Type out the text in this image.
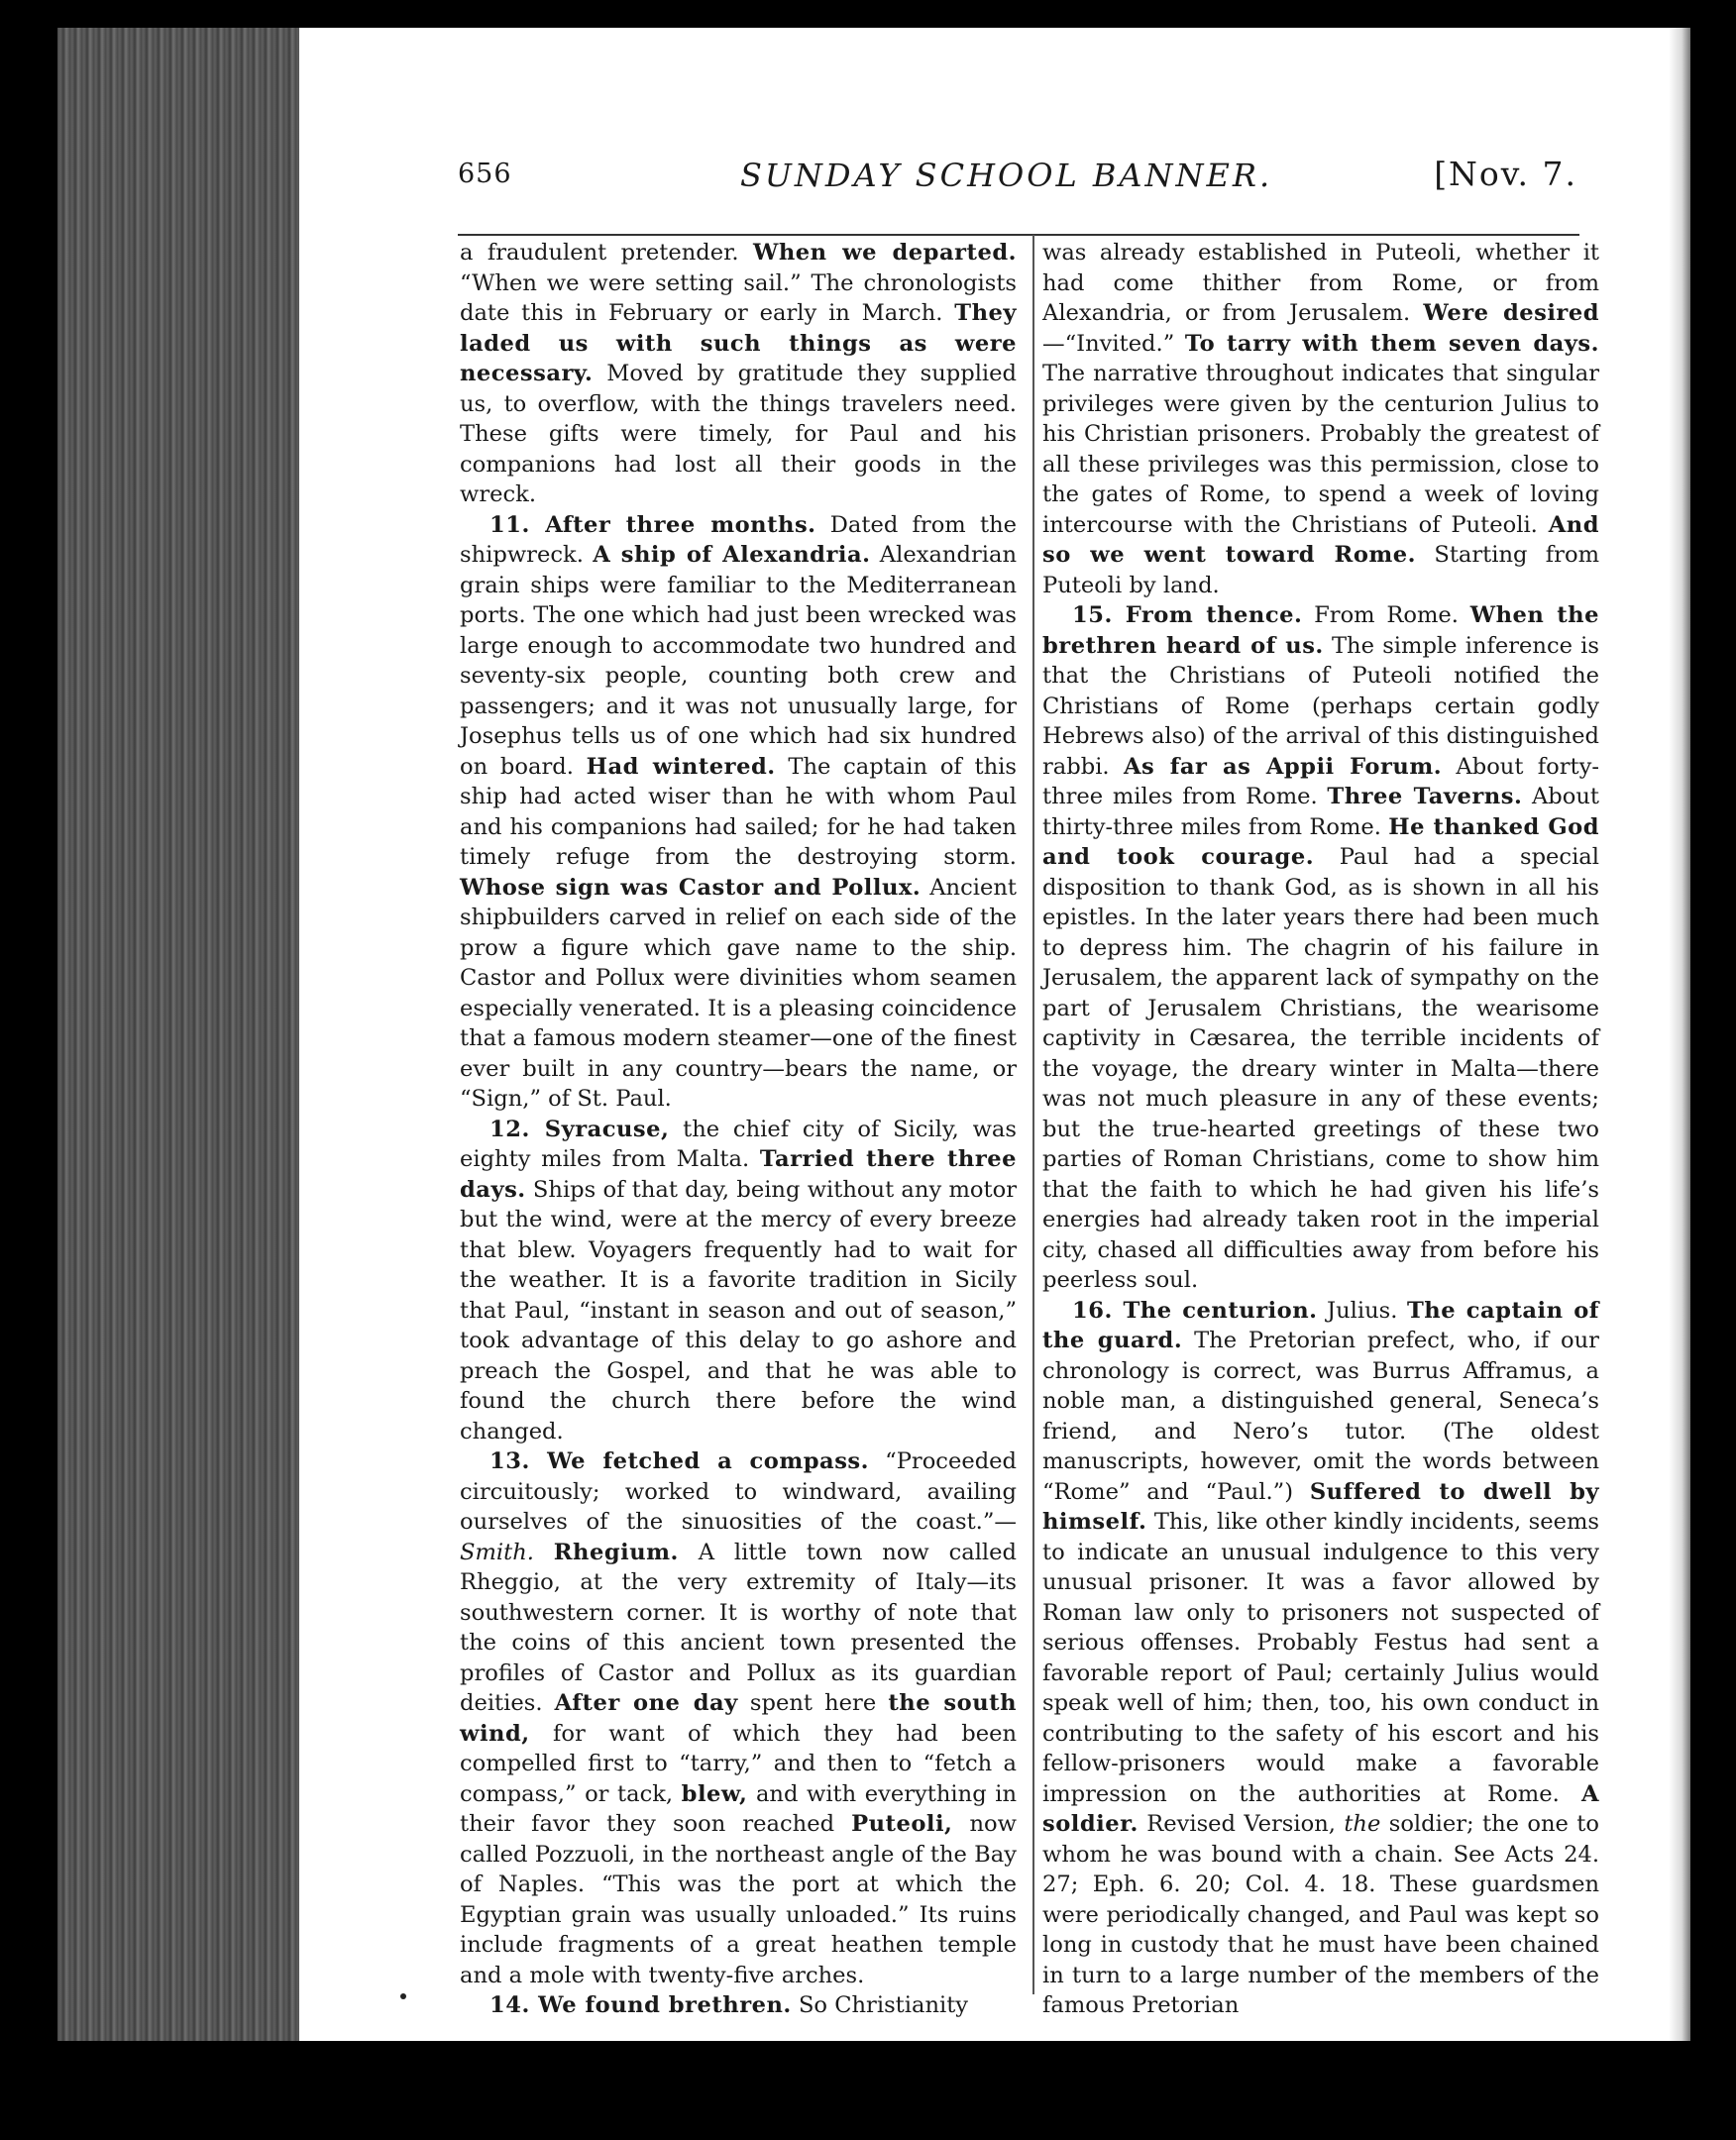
656	SUNDAY SCHOOL BANNER.	[Nov. 7.

a fraudulent pretender. When we departed. “When we were setting sail.” The chronologists date this in February or early in March. They laded us with such things as were necessary. Moved by gratitude they supplied us, to overflow, with the things travelers need. These gifts were timely, for Paul and his companions had lost all their goods in the wreck.

11. After three months. Dated from the shipwreck. A ship of Alexandria. Alexandrian grain ships were familiar to the Mediterranean ports. The one which had just been wrecked was large enough to accommodate two hundred and seventy-six people, counting both crew and passengers; and it was not unusually large, for Josephus tells us of one which had six hundred on board. Had wintered. The captain of this ship had acted wiser than he with whom Paul and his companions had sailed; for he had taken timely refuge from the destroying storm. Whose sign was Castor and Pollux. Ancient shipbuilders carved in relief on each side of the prow a figure which gave name to the ship. Castor and Pollux were divinities whom seamen especially venerated. It is a pleasing coincidence that a famous modern steamer—one of the finest ever built in any country—bears the name, or “Sign,” of St. Paul.

12. Syracuse, the chief city of Sicily, was eighty miles from Malta. Tarried there three days. Ships of that day, being without any motor but the wind, were at the mercy of every breeze that blew. Voyagers frequently had to wait for the weather. It is a favorite tradition in Sicily that Paul, “instant in season and out of season,” took advantage of this delay to go ashore and preach the Gospel, and that he was able to found the church there before the wind changed.

13. We fetched a compass. “Proceeded circuitously; worked to windward, availing ourselves of the sinuosities of the coast.”—Smith. Rhegium. A little town now called Rheggio, at the very extremity of Italy—its southwestern corner. It is worthy of note that the coins of this ancient town presented the profiles of Castor and Pollux as its guardian deities. After one day spent here the south wind, for want of which they had been compelled first to “tarry,” and then to “fetch a compass,” or tack, blew, and with everything in their favor they soon reached Puteoli, now called Pozzuoli, in the northeast angle of the Bay of Naples. “This was the port at which the Egyptian grain was usually unloaded.” Its ruins include fragments of a great heathen temple and a mole with twenty-five arches.

14. We found brethren. So Christianity

was already established in Puteoli, whether it had come thither from Rome, or from Alexandria, or from Jerusalem. Were desired—“Invited.” To tarry with them seven days. The narrative throughout indicates that singular privileges were given by the centurion Julius to his Christian prisoners. Probably the greatest of all these privileges was this permission, close to the gates of Rome, to spend a week of loving intercourse with the Christians of Puteoli. And so we went toward Rome. Starting from Puteoli by land.

15. From thence. From Rome. When the brethren heard of us. The simple inference is that the Christians of Puteoli notified the Christians of Rome (perhaps certain godly Hebrews also) of the arrival of this distinguished rabbi. As far as Appii Forum. About forty-three miles from Rome. Three Taverns. About thirty-three miles from Rome. He thanked God and took courage. Paul had a special disposition to thank God, as is shown in all his epistles. In the later years there had been much to depress him. The chagrin of his failure in Jerusalem, the apparent lack of sympathy on the part of Jerusalem Christians, the wearisome captivity in Cæsarea, the terrible incidents of the voyage, the dreary winter in Malta—there was not much pleasure in any of these events; but the true-hearted greetings of these two parties of Roman Christians, come to show him that the faith to which he had given his life’s energies had already taken root in the imperial city, chased all difficulties away from before his peerless soul.

16. The centurion. Julius. The captain of the guard. The Pretorian prefect, who, if our chronology is correct, was Burrus Afframus, a noble man, a distinguished general, Seneca’s friend, and Nero’s tutor. (The oldest manuscripts, however, omit the words between “Rome” and “Paul.”) Suffered to dwell by himself. This, like other kindly incidents, seems to indicate an unusual indulgence to this very unusual prisoner. It was a favor allowed by Roman law only to prisoners not suspected of serious offenses. Probably Festus had sent a favorable report of Paul; certainly Julius would speak well of him; then, too, his own conduct in contributing to the safety of his escort and his fellow-prisoners would make a favorable impression on the authorities at Rome. A soldier. Revised Version, the soldier; the one to whom he was bound with a chain. See Acts 24. 27; Eph. 6. 20; Col. 4. 18. These guardsmen were periodically changed, and Paul was kept so long in custody that he must have been chained in turn to a large number of the members of the famous Pretorian
